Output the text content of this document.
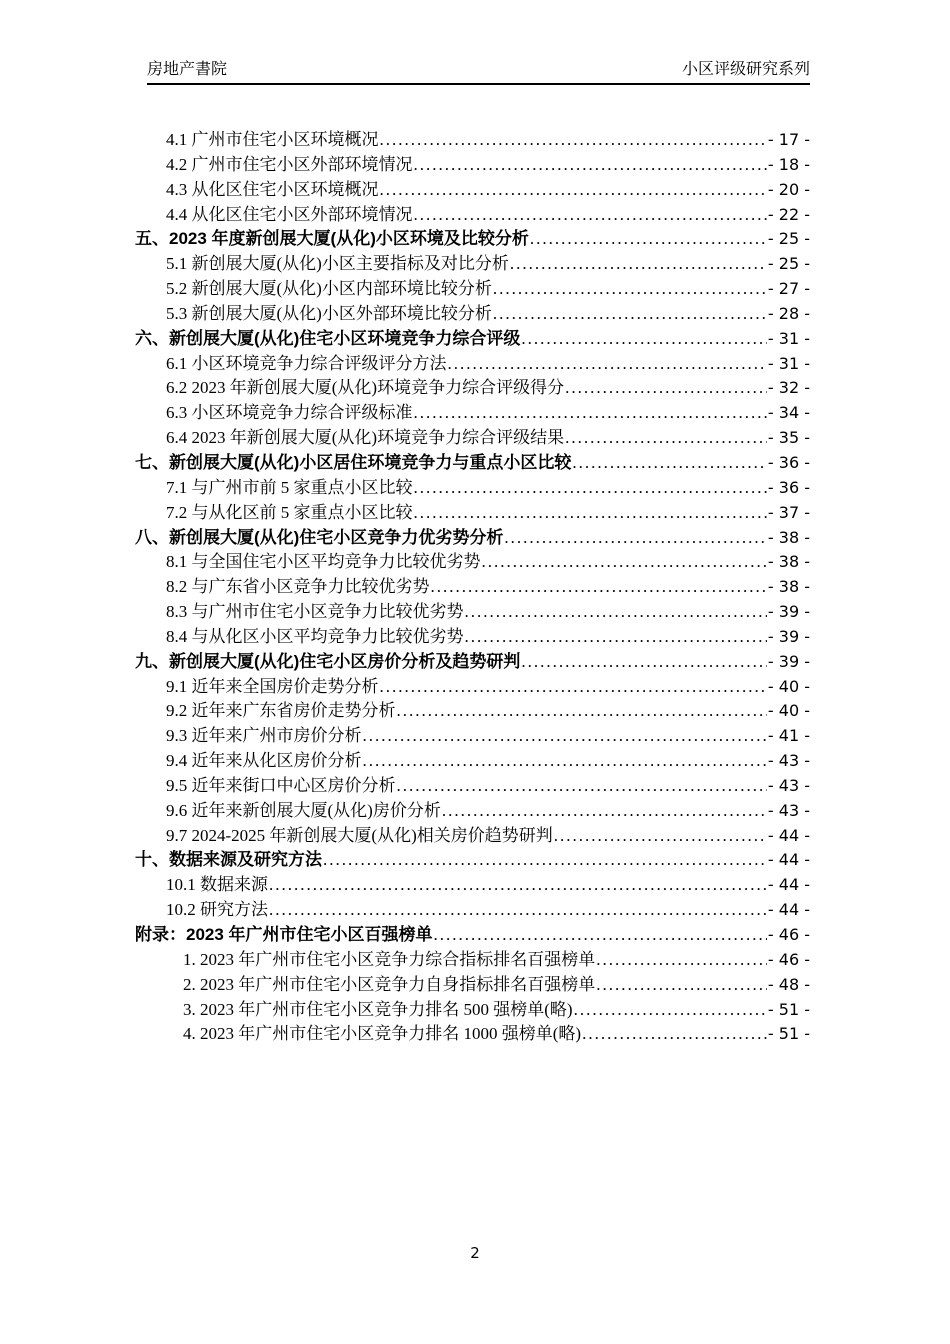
房地产書院	小区评级研究系列
4.1 广州市住宅小区环境概况 .....	- 17 -
4.2 广州市住宅小区外部环境情况 .....	- 18 -
4.3 从化区住宅小区环境概况 .....	- 20 -
4.4 从化区住宅小区外部环境情况 .....	- 22 -
五、2023 年度新创展大厦(从化)小区环境及比较分析 .....	- 25 -
5.1 新创展大厦(从化)小区主要指标及对比分析 .....	- 25 -
5.2 新创展大厦(从化)小区内部环境比较分析 .....	- 27 -
5.3 新创展大厦(从化)小区外部环境比较分析 .....	- 28 -
六、新创展大厦(从化)住宅小区环境竞争力综合评级 .....	- 31 -
6.1 小区环境竞争力综合评级评分方法 .....	- 31 -
6.2 2023 年新创展大厦(从化)环境竞争力综合评级得分 .....	- 32 -
6.3 小区环境竞争力综合评级标准 .....	- 34 -
6.4 2023 年新创展大厦(从化)环境竞争力综合评级结果 .....	- 35 -
七、新创展大厦(从化)小区居住环境竞争力与重点小区比较 .....	- 36 -
7.1 与广州市前 5 家重点小区比较 .....	- 36 -
7.2 与从化区前 5 家重点小区比较 .....	- 37 -
八、新创展大厦(从化)住宅小区竞争力优劣势分析 .....	- 38 -
8.1 与全国住宅小区平均竞争力比较优劣势 .....	- 38 -
8.2 与广东省小区竞争力比较优劣势 .....	- 38 -
8.3 与广州市住宅小区竞争力比较优劣势 .....	- 39 -
8.4 与从化区小区平均竞争力比较优劣势 .....	- 39 -
九、新创展大厦(从化)住宅小区房价分析及趋势研判 .....	- 39 -
9.1 近年来全国房价走势分析 .....	- 40 -
9.2 近年来广东省房价走势分析 .....	- 40 -
9.3 近年来广州市房价分析 .....	- 41 -
9.4 近年来从化区房价分析 .....	- 43 -
9.5 近年来街口中心区房价分析 .....	- 43 -
9.6 近年来新创展大厦(从化)房价分析 .....	- 43 -
9.7 2024-2025 年新创展大厦(从化)相关房价趋势研判 .....	- 44 -
十、数据来源及研究方法 .....	- 44 -
10.1 数据来源 .....	- 44 -
10.2 研究方法 .....	- 44 -
附录：2023 年广州市住宅小区百强榜单 .....	- 46 -
1. 2023 年广州市住宅小区竞争力综合指标排名百强榜单 .....	- 46 -
2. 2023 年广州市住宅小区竞争力自身指标排名百强榜单 .....	- 48 -
3. 2023 年广州市住宅小区竞争力排名 500 强榜单(略) .....	- 51 -
4. 2023 年广州市住宅小区竞争力排名 1000 强榜单(略) .....	- 51 -
2
